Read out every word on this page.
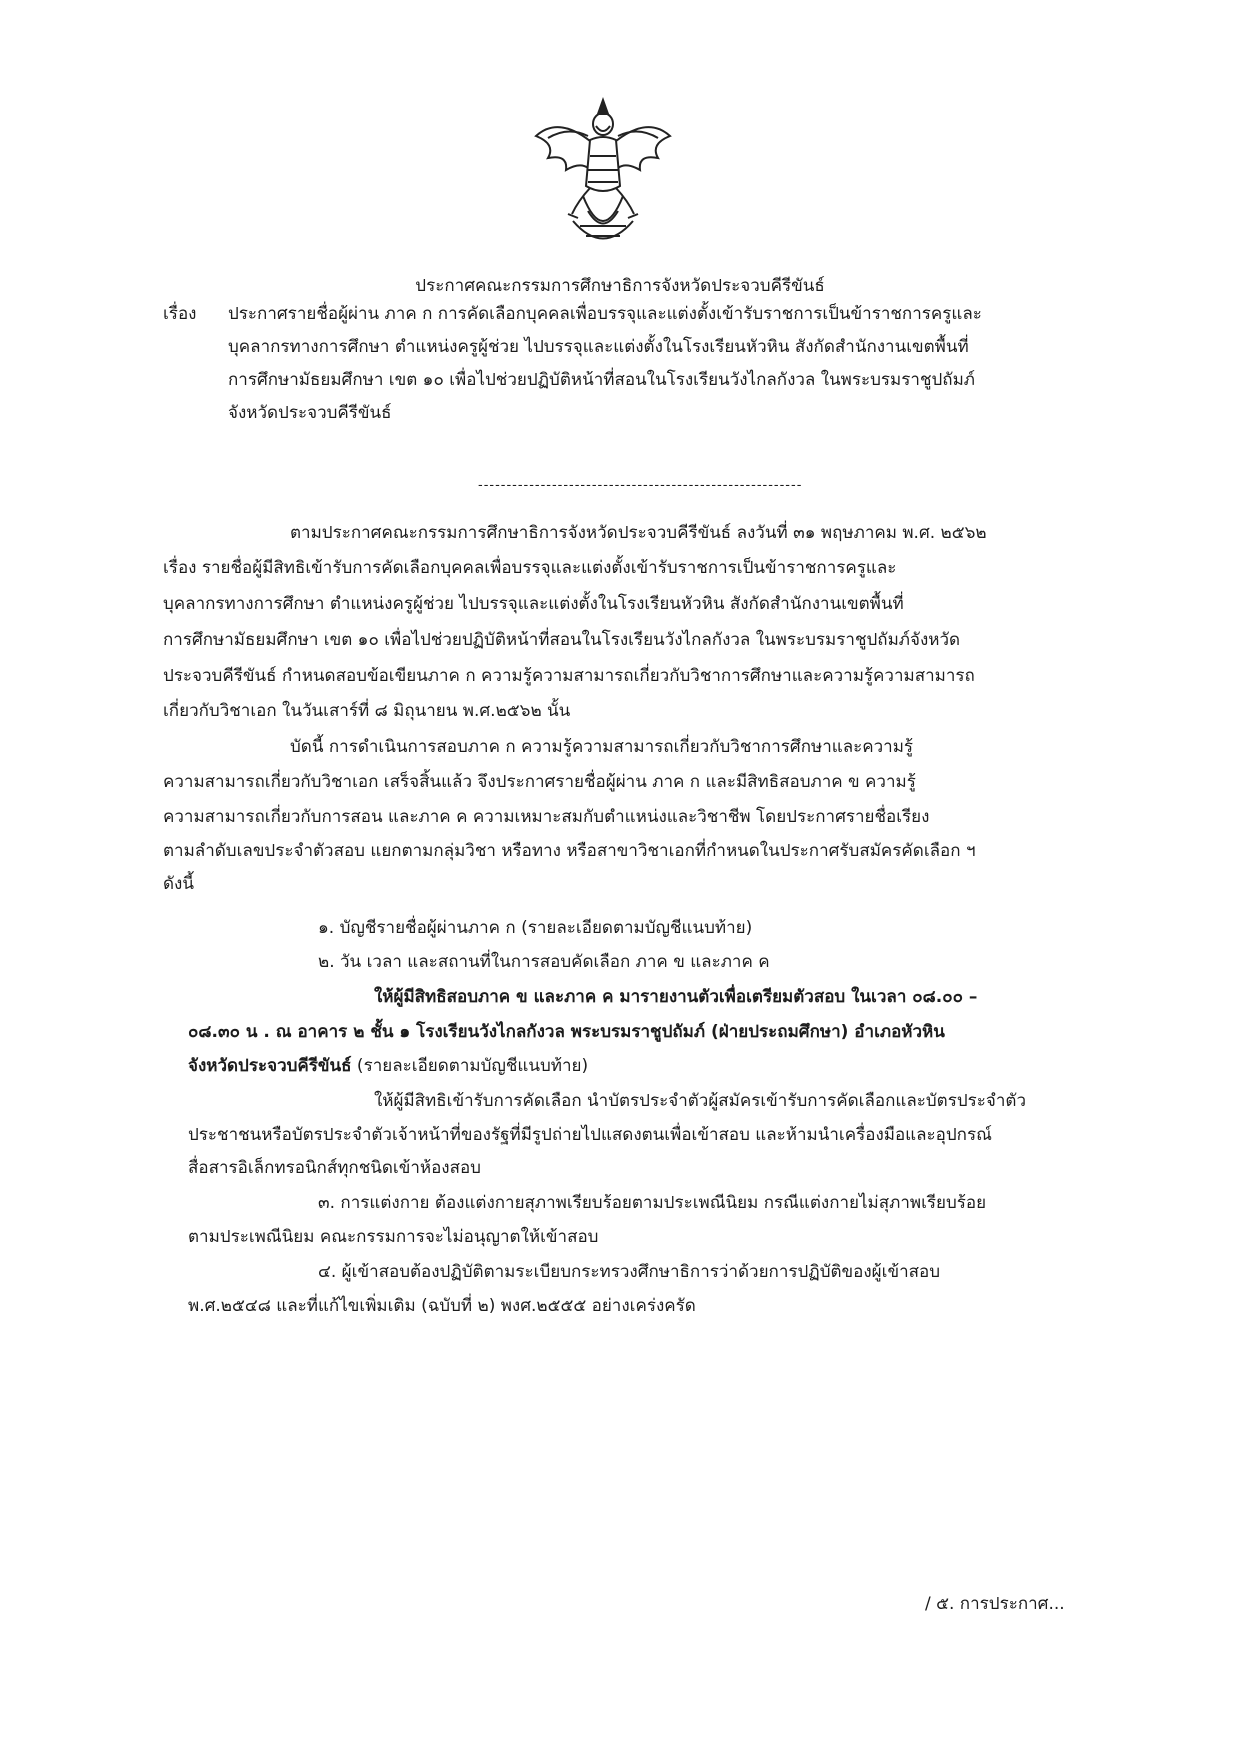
ประกาศคณะกรรมการศึกษาธิการจังหวัดประจวบคีรีขันธ์
เรื่อง ประกาศรายชื่อผู้ผ่าน ภาค ก การคัดเลือกบุคคลเพื่อบรรจุและแต่งตั้งเข้ารับราชการเป็นข้าราชการครูและ
บุคลากรทางการศึกษา ตำแหน่งครูผู้ช่วย ไปบรรจุและแต่งตั้งในโรงเรียนหัวหิน สังกัดสำนักงานเขตพื้นที่
การศึกษามัธยมศึกษา เขต ๑๐ เพื่อไปช่วยปฏิบัติหน้าที่สอนในโรงเรียนวังไกลกังวล ในพระบรมราชูปถัมภ์
จังหวัดประจวบคีรีขันธ์
---------------------------------------------------------
ตามประกาศคณะกรรมการศึกษาธิการจังหวัดประจวบคีรีขันธ์ ลงวันที่ ๓๑ พฤษภาคม พ.ศ. ๒๕๖๒
เรื่อง รายชื่อผู้มีสิทธิเข้ารับการคัดเลือกบุคคลเพื่อบรรจุและแต่งตั้งเข้ารับราชการเป็นข้าราชการครูและ
บุคลากรทางการศึกษา ตำแหน่งครูผู้ช่วย ไปบรรจุและแต่งตั้งในโรงเรียนหัวหิน สังกัดสำนักงานเขตพื้นที่
การศึกษามัธยมศึกษา เขต ๑๐ เพื่อไปช่วยปฏิบัติหน้าที่สอนในโรงเรียนวังไกลกังวล ในพระบรมราชูปถัมภ์จังหวัด
ประจวบคีรีขันธ์ กำหนดสอบข้อเขียนภาค ก ความรู้ความสามารถเกี่ยวกับวิชาการศึกษาและความรู้ความสามารถ
เกี่ยวกับวิชาเอก ในวันเสาร์ที่ ๘ มิถุนายน พ.ศ.๒๕๖๒ นั้น
บัดนี้ การดำเนินการสอบภาค ก ความรู้ความสามารถเกี่ยวกับวิชาการศึกษาและความรู้
ความสามารถเกี่ยวกับวิชาเอก เสร็จสิ้นแล้ว จึงประกาศรายชื่อผู้ผ่าน ภาค ก และมีสิทธิสอบภาค ข ความรู้
ความสามารถเกี่ยวกับการสอน และภาค ค ความเหมาะสมกับตำแหน่งและวิชาชีพ โดยประกาศรายชื่อเรียง
ตามลำดับเลขประจำตัวสอบ แยกตามกลุ่มวิชา หรือทาง หรือสาขาวิชาเอกที่กำหนดในประกาศรับสมัครคัดเลือก ฯ
ดังนี้
๑. บัญชีรายชื่อผู้ผ่านภาค ก (รายละเอียดตามบัญชีแนบท้าย)
๒. วัน เวลา และสถานที่ในการสอบคัดเลือก ภาค ข และภาค ค
ให้ผู้มีสิทธิสอบภาค ข และภาค ค มารายงานตัวเพื่อเตรียมตัวสอบ ในเวลา ๐๘.๐๐ –
๐๘.๓๐ น . ณ อาคาร ๒ ชั้น ๑ โรงเรียนวังไกลกังวล พระบรมราชูปถัมภ์ (ฝ่ายประถมศึกษา) อำเภอหัวหิน
จังหวัดประจวบคีรีขันธ์ (รายละเอียดตามบัญชีแนบท้าย)
ให้ผู้มีสิทธิเข้ารับการคัดเลือก นำบัตรประจำตัวผู้สมัครเข้ารับการคัดเลือกและบัตรประจำตัว
ประชาชนหรือบัตรประจำตัวเจ้าหน้าที่ของรัฐที่มีรูปถ่ายไปแสดงตนเพื่อเข้าสอบ และห้ามนำเครื่องมือและอุปกรณ์
สื่อสารอิเล็กทรอนิกส์ทุกชนิดเข้าห้องสอบ
๓. การแต่งกาย ต้องแต่งกายสุภาพเรียบร้อยตามประเพณีนิยม กรณีแต่งกายไม่สุภาพเรียบร้อย
ตามประเพณีนิยม คณะกรรมการจะไม่อนุญาตให้เข้าสอบ
๔. ผู้เข้าสอบต้องปฏิบัติตามระเบียบกระทรวงศึกษาธิการว่าด้วยการปฏิบัติของผู้เข้าสอบ
พ.ศ.๒๕๔๘ และที่แก้ไขเพิ่มเติม (ฉบับที่ ๒) พงศ.๒๕๕๕ อย่างเคร่งครัด
/ ๕. การประกาศ...
